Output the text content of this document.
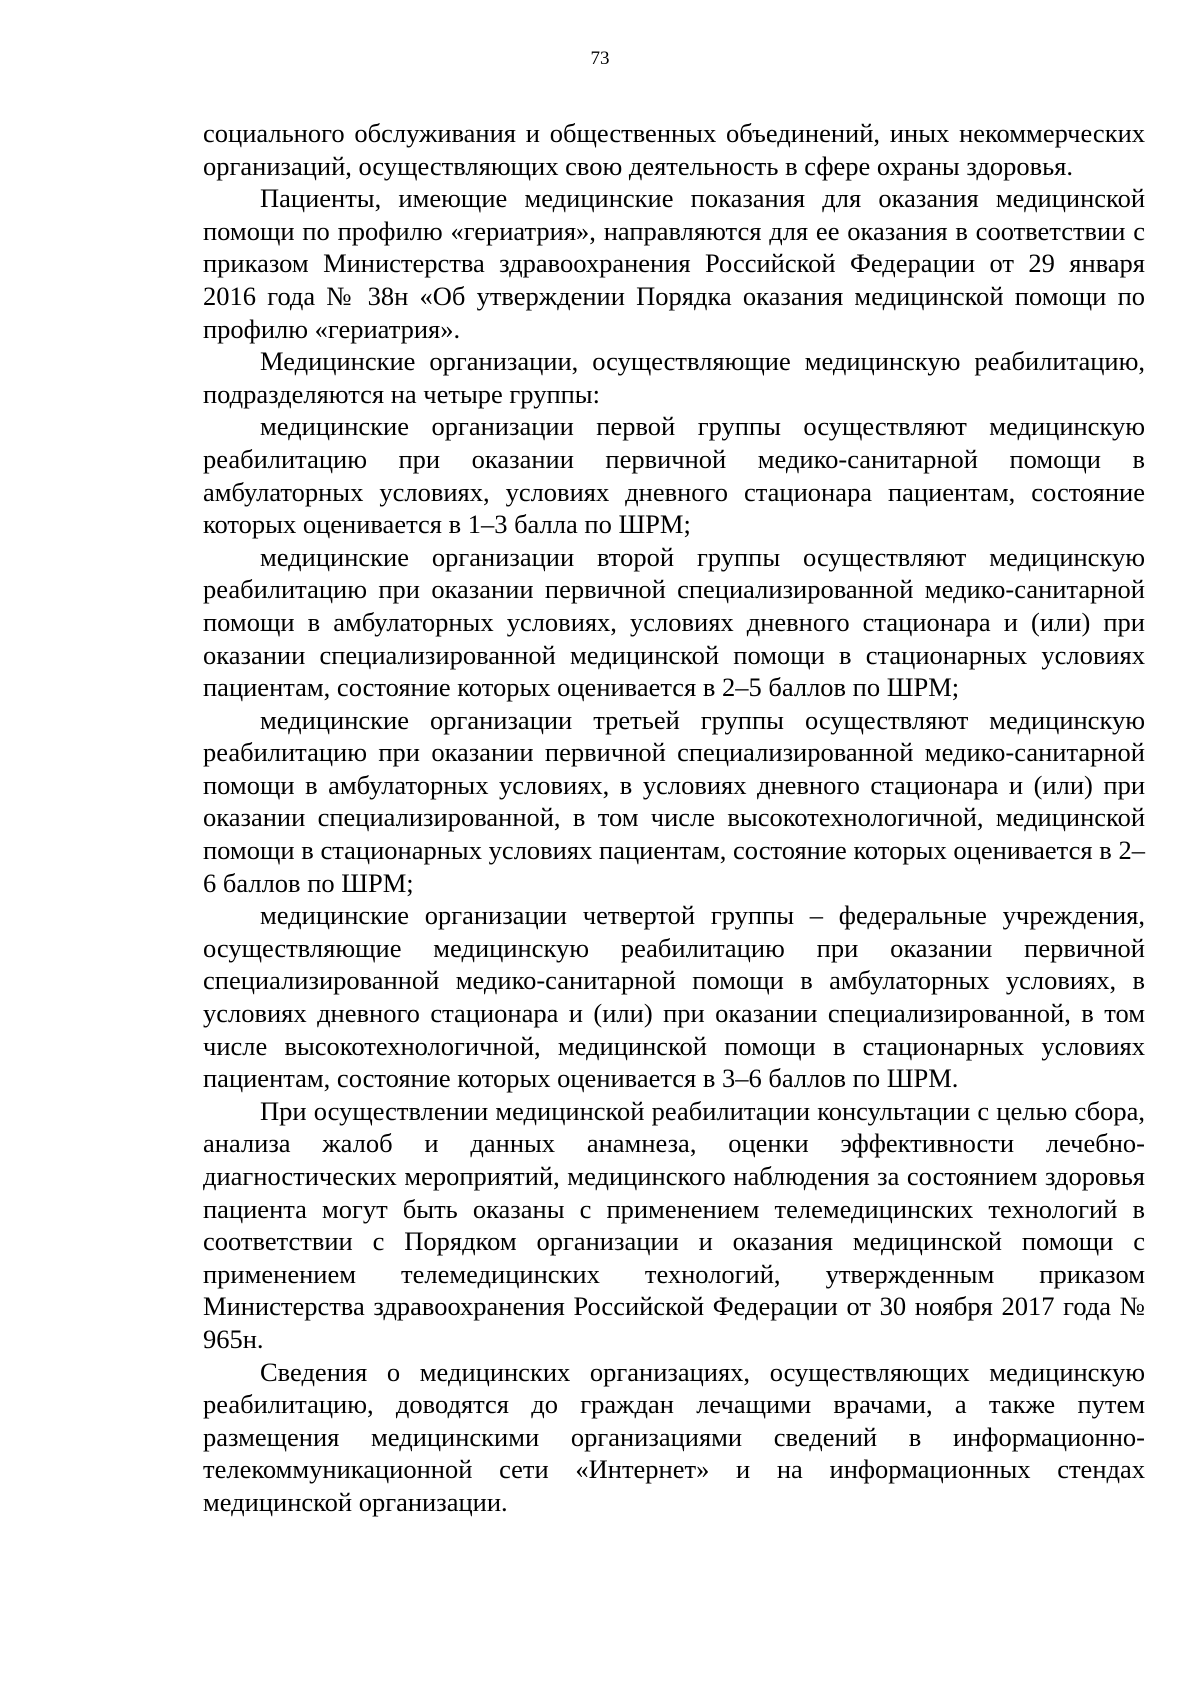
73

социального обслуживания и общественных объединений, иных некоммерческих организаций, осуществляющих свою деятельность в сфере охраны здоровья.

Пациенты, имеющие медицинские показания для оказания медицинской помощи по профилю «гериатрия», направляются для ее оказания в соответствии с приказом Министерства здравоохранения Российской Федерации от 29 января 2016 года № 38н «Об утверждении Порядка оказания медицинской помощи по профилю «гериатрия».

Медицинские организации, осуществляющие медицинскую реабилитацию, подразделяются на четыре группы:

медицинские организации первой группы осуществляют медицинскую реабилитацию при оказании первичной медико-санитарной помощи в амбулаторных условиях, условиях дневного стационара пациентам, состояние которых оценивается в 1–3 балла по ШРМ;

медицинские организации второй группы осуществляют медицинскую реабилитацию при оказании первичной специализированной медико-санитарной помощи в амбулаторных условиях, условиях дневного стационара и (или) при оказании специализированной медицинской помощи в стационарных условиях пациентам, состояние которых оценивается в 2–5 баллов по ШРМ;

медицинские организации третьей группы осуществляют медицинскую реабилитацию при оказании первичной специализированной медико-санитарной помощи в амбулаторных условиях, в условиях дневного стационара и (или) при оказании специализированной, в том числе высокотехнологичной, медицинской помощи в стационарных условиях пациентам, состояние которых оценивается в 2–6 баллов по ШРМ;

медицинские организации четвертой группы – федеральные учреждения, осуществляющие медицинскую реабилитацию при оказании первичной специализированной медико-санитарной помощи в амбулаторных условиях, в условиях дневного стационара и (или) при оказании специализированной, в том числе высокотехнологичной, медицинской помощи в стационарных условиях пациентам, состояние которых оценивается в 3–6 баллов по ШРМ.

При осуществлении медицинской реабилитации консультации с целью сбора, анализа жалоб и данных анамнеза, оценки эффективности лечебно-диагностических мероприятий, медицинского наблюдения за состоянием здоровья пациента могут быть оказаны с применением телемедицинских технологий в соответствии с Порядком организации и оказания медицинской помощи с применением телемедицинских технологий, утвержденным приказом Министерства здравоохранения Российской Федерации от 30 ноября 2017 года № 965н.

Сведения о медицинских организациях, осуществляющих медицинскую реабилитацию, доводятся до граждан лечащими врачами, а также путем размещения медицинскими организациями сведений в информационно-телекоммуникационной сети «Интернет» и на информационных стендах медицинской организации.
